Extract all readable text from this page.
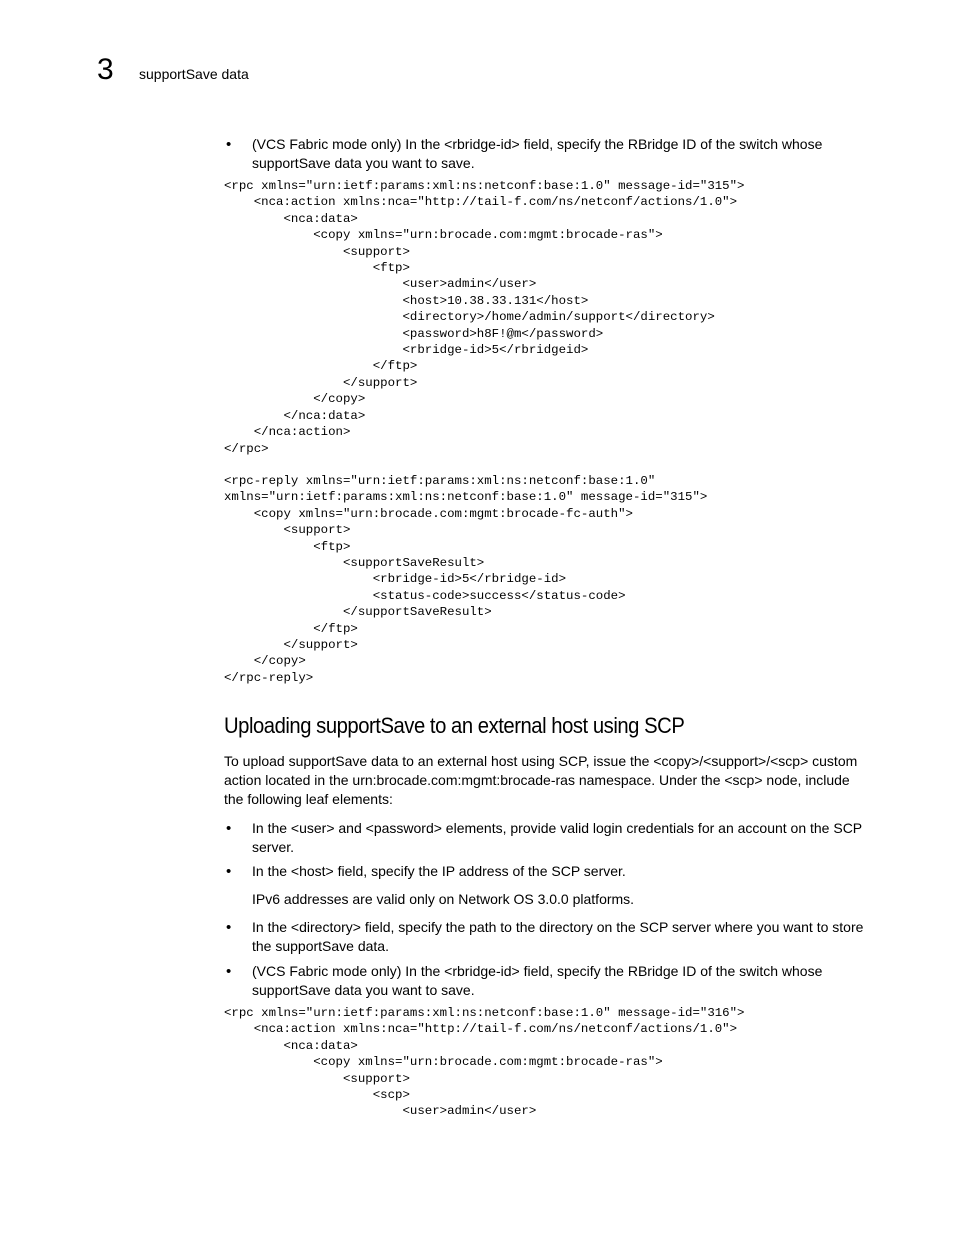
3 supportSave data
• (VCS Fabric mode only) In the <rbridge-id> field, specify the RBridge ID of the switch whose supportSave data you want to save.
<rpc xmlns="urn:ietf:params:xml:ns:netconf:base:1.0" message-id="315">
<nca:action xmlns:nca="http://tail-f.com/ns/netconf/actions/1.0">
<nca:data>
<copy xmlns="urn:brocade.com:mgmt:brocade-ras">
<support>
<ftp>
<user>admin</user>
<host>10.38.33.131</host>
<directory>/home/admin/support</directory>
<password>h8F!@m</password>
<rbridge-id>5</rbridgeid>
</ftp>
</support>
</copy>
</nca:data>
</nca:action>
</rpc>
<rpc-reply xmlns="urn:ietf:params:xml:ns:netconf:base:1.0"
xmlns="urn:ietf:params:xml:ns:netconf:base:1.0" message-id="315">
<copy xmlns="urn:brocade.com:mgmt:brocade-fc-auth">
<support>
<ftp>
<supportSaveResult>
<rbridge-id>5</rbridge-id>
<status-code>success</status-code>
</supportSaveResult>
</ftp>
</support>
</copy>
</rpc-reply>
Uploading supportSave to an external host using SCP

To upload supportSave data to an external host using SCP, issue the <copy>/<support>/<scp> custom action located in the urn:brocade.com:mgmt:brocade-ras namespace. Under the <scp> node, include the following leaf elements:

• In the <user> and <password> elements, provide valid login credentials for an account on the SCP server.
• In the <host> field, specify the IP address of the SCP server.

IPv6 addresses are valid only on Network OS 3.0.0 platforms.

• In the <directory> field, specify the path to the directory on the SCP server where you want to store the supportSave data.
• (VCS Fabric mode only) In the <rbridge-id> field, specify the RBridge ID of the switch whose supportSave data you want to save.
<rpc xmlns="urn:ietf:params:xml:ns:netconf:base:1.0" message-id="316">
<nca:action xmlns:nca="http://tail-f.com/ns/netconf/actions/1.0">
<nca:data>
<copy xmlns="urn:brocade.com:mgmt:brocade-ras">
<support>
<scp>
<user>admin</user>
